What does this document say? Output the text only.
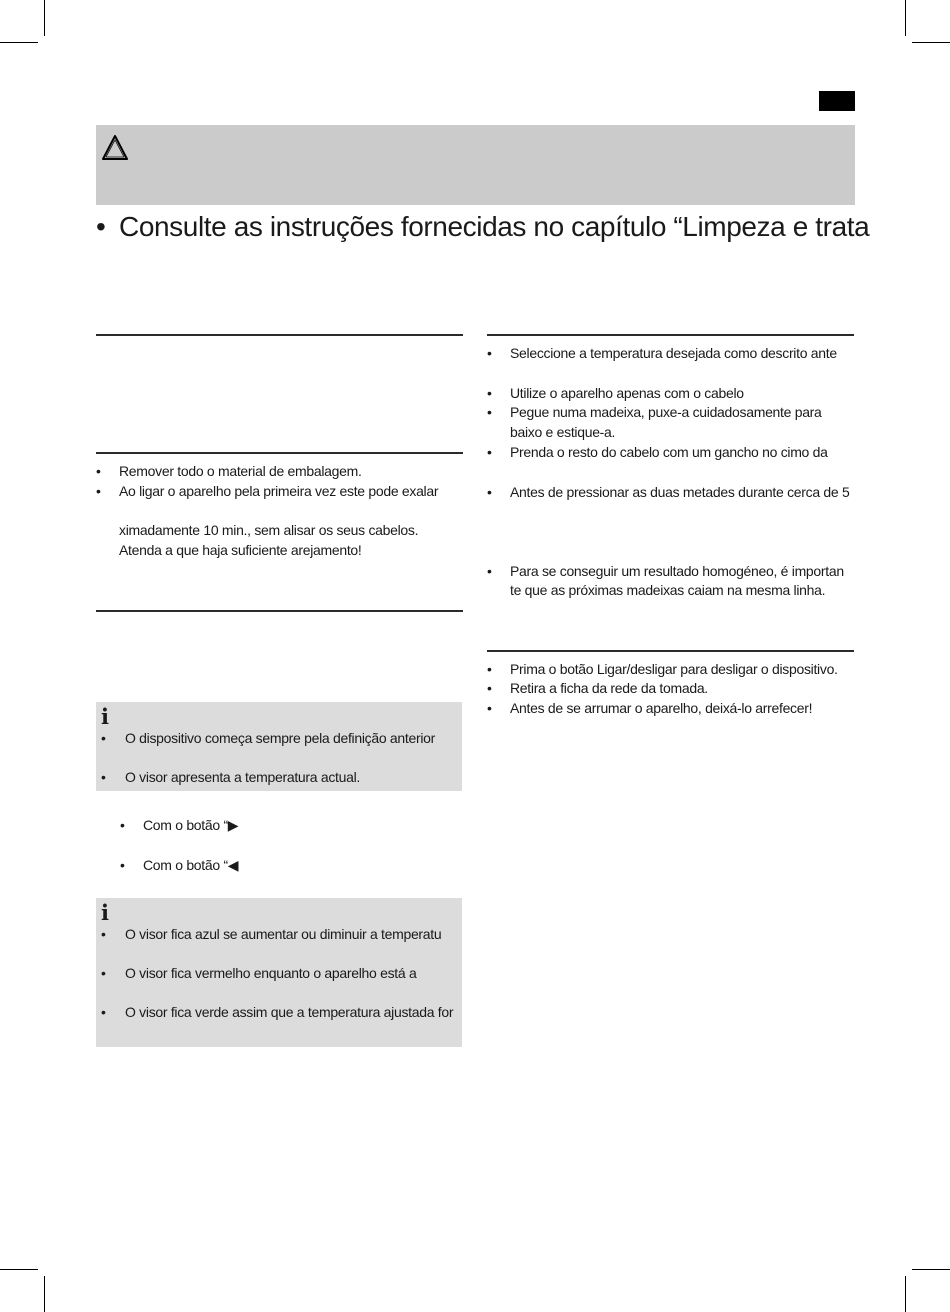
• Consulte as instruções fornecidas no capítulo “Limpeza e trata
• Remover todo o material de embalagem.
• Ao ligar o aparelho pela primeira vez este pode exalar
ximadamente 10 min., sem alisar os seus cabelos.
Atenda a que haja suficiente arejamento!
i
• O dispositivo começa sempre pela definição anterior
• O visor apresenta a temperatura actual.
• Com o botão “▶
• Com o botão “◀
i
• O visor fica azul se aumentar ou diminuir a temperatu
• O visor fica vermelho enquanto o aparelho está a
• O visor fica verde assim que a temperatura ajustada for
• Seleccione a temperatura desejada como descrito ante
• Utilize o aparelho apenas com o cabelo
• Pegue numa madeixa, puxe-a cuidadosamente para
baixo e estique-a.
• Prenda o resto do cabelo com um gancho no cimo da
• Antes de pressionar as duas metades durante cerca de 5
• Para se conseguir um resultado homogéneo, é importan
te que as próximas madeixas caiam na mesma linha.
• Prima o botão Ligar/desligar para desligar o dispositivo.
• Retira a ficha da rede da tomada.
• Antes de se arrumar o aparelho, deixá-lo arrefecer!
